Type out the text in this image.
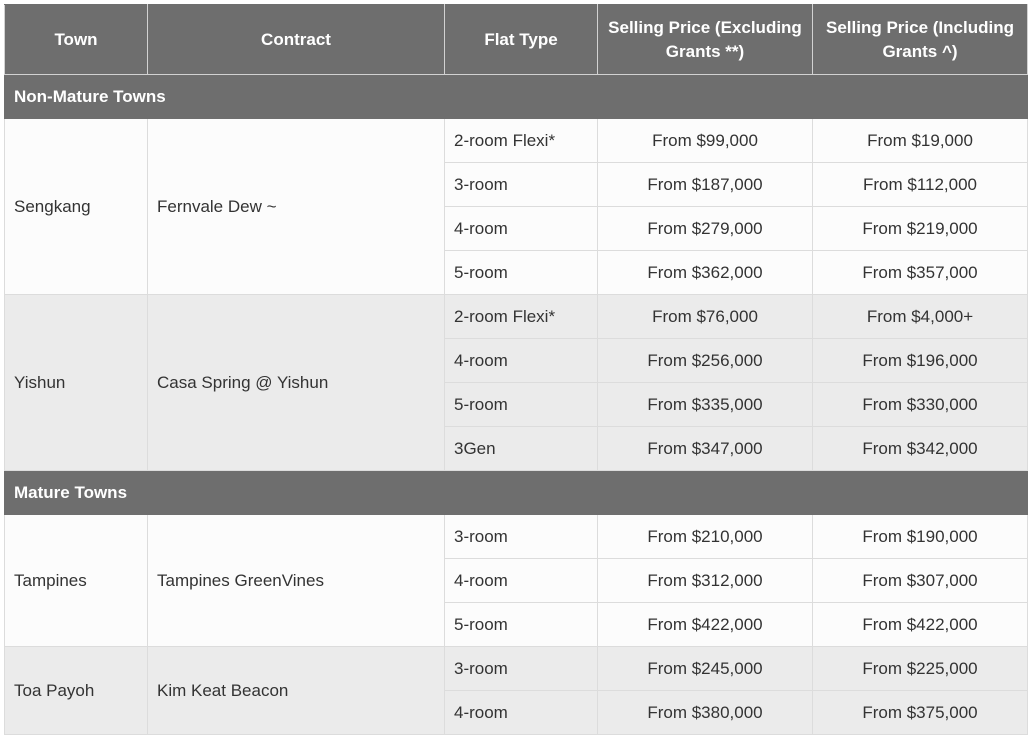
Town	Contract	Flat Type	Selling Price (Excluding Grants **)	Selling Price (Including Grants ^)
Non-Mature Towns				
Sengkang	Fernvale Dew ~	2-room Flexi*	From $99,000	From $19,000
		3-room	From $187,000	From $112,000
		4-room	From $279,000	From $219,000
		5-room	From $362,000	From $357,000
Yishun	Casa Spring @ Yishun	2-room Flexi*	From $76,000	From $4,000+
		4-room	From $256,000	From $196,000
		5-room	From $335,000	From $330,000
		3Gen	From $347,000	From $342,000
Mature Towns				
Tampines	Tampines GreenVines	3-room	From $210,000	From $190,000
		4-room	From $312,000	From $307,000
		5-room	From $422,000	From $422,000
Toa Payoh	Kim Keat Beacon	3-room	From $245,000	From $225,000
		4-room	From $380,000	From $375,000
